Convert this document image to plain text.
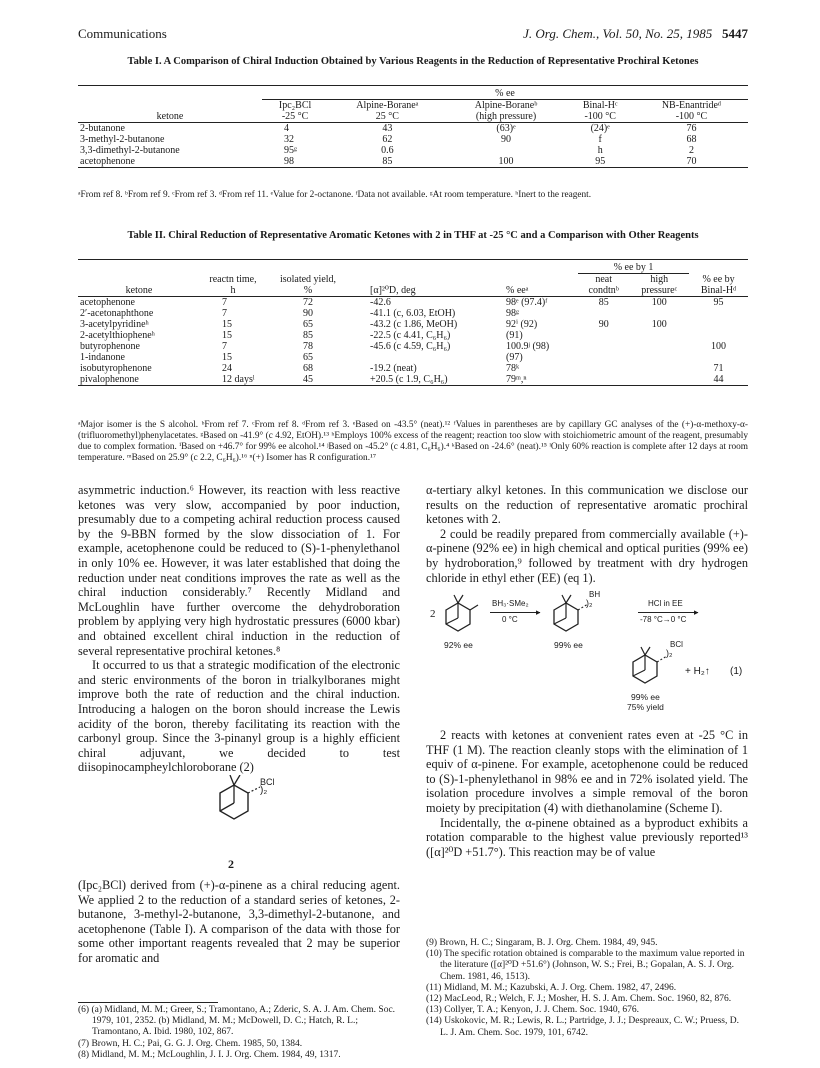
Communications	J. Org. Chem., Vol. 50, No. 25, 1985 5447
Table I. A Comparison of Chiral Induction Obtained by Various Reagents in the Reduction of Representative Prochiral Ketones
	% ee				
	Ipc₂BCl	Alpine-Boraneᵃ	Alpine-Boraneᵇ	Binal-Hᶜ	NB-Enantrideᵈ
ketone	-25 °C	25 °C	(high pressure)	-100 °C	-100 °C
2-butanone	4	43	(63)ᵉ	(24)ᵉ	76
3-methyl-2-butanone	32	62	90	f	68
3,3-dimethyl-2-butanone	95ᵍ	0.6		h	2
acetophenone	98	85	100	95	70
ᵃFrom ref 8. ᵇFrom ref 9. ᶜFrom ref 3. ᵈFrom ref 11. ᵉValue for 2-octanone. ᶠData not available. ᵍAt room temperature. ʰInert to the reagent.
Table II. Chiral Reduction of Representative Aromatic Ketones with 2 in THF at -25 °C and a Comparison with Other Reagents
					% ee by 1		
	reactn time,	isolated yield,			neat	high	% ee by
ketone	h	%	[α]²⁰D, deg	% eeᵃ	condtnᵇ	pressureᶜ	Binal-Hᵈ
acetophenone	7	72	-42.6	98ᵉ (97.4)ᶠ	85	100	95
2′-acetonaphthone	7	90	-41.1 (c, 6.03, EtOH)	98ᵍ			
3-acetylpyridineʰ	15	65	-43.2 (c 1.86, MeOH)	92ⁱ (92)	90	100	
2-acetylthiopheneʰ	15	85	-22.5 (c 4.41, C₆H₆)	(91)			
butyrophenone	7	78	-45.6 (c 4.59, C₆H₆)	100.9ʲ (98)			100
1-indanone	15	65		(97)			
isobutyrophenone	24	68	-19.2 (neat)	78ᵏ			71
pivalophenone	12 daysˡ	45	+20.5 (c 1.9, C₆H₆)	79ᵐ,ⁿ			44
ᵃMajor isomer is the S alcohol. ᵇFrom ref 7. ᶜFrom ref 8. ᵈFrom ref 3. ᵉBased on -43.5° (neat).¹² ᶠValues in parentheses are by capillary GC analyses of the (+)-α-methoxy-α-(trifluoromethyl)phenylacetates. ᵍBased on -41.9° (c 4.92, EtOH).¹³ ʰEmploys 100% excess of the reagent; reaction too slow with stoichiometric amount of the reagent, presumably due to complex formation. ⁱBased on +46.7° for 99% ee alcohol.¹⁴ ʲBased on -45.2° (c 4.81, C₆H₆).⁴ ᵏBased on -24.6° (neat).¹⁵ ˡOnly 60% reaction is complete after 12 days at room temperature. ᵐBased on 25.9° (c 2.2, C₆H₆).¹⁶ ⁿ(+) Isomer has R configuration.¹⁷

asymmetric induction.⁶ However, its reaction with less reactive ketones was very slow, accompanied by poor induction, presumably due to a competing achiral reduction process caused by the 9-BBN formed by the slow dissociation of 1. For example, acetophenone could be reduced to (S)-1-phenylethanol in only 10% ee. However, it was later established that doing the reduction under neat conditions improves the rate as well as the chiral induction considerably.⁷ Recently Midland and McLoughlin have further overcome the dehydroboration problem by applying very high hydrostatic pressures (6000 kbar) and obtained excellent chiral induction in the reduction of several representative prochiral ketones.⁸

It occurred to us that a strategic modification of the electronic and steric environments of the boron in trialkylboranes might improve both the rate of reduction and the chiral induction. Introducing a halogen on the boron should increase the Lewis acidity of the boron, thereby facilitating its reaction with the carbonyl group. Since the 3-pinanyl group is a highly efficient chiral adjuvant, we decided to test diisopinocampheylchloroborane (2)

BCl
)₂
2

(Ipc₂BCl) derived from (+)-α-pinene as a chiral reducing agent. We applied 2 to the reduction of a standard series of ketones, 2-butanone, 3-methyl-2-butanone, 3,3-dimethyl-2-butanone, and acetophenone (Table I). A comparison of the data with those for some other important reagents revealed that 2 may be superior for aromatic and

(6) (a) Midland, M. M.; Greer, S.; Tramontano, A.; Zderic, S. A. J. Am. Chem. Soc. 1979, 101, 2352. (b) Midland, M. M.; McDowell, D. C.; Hatch, R. L.; Tramontano, A. Ibid. 1980, 102, 867.
(7) Brown, H. C.; Pai, G. G. J. Org. Chem. 1985, 50, 1384.
(8) Midland, M. M.; McLoughlin, J. I. J. Org. Chem. 1984, 49, 1317.

α-tertiary alkyl ketones. In this communication we disclose our results on the reduction of representative aromatic prochiral ketones with 2.

2 could be readily prepared from commercially available (+)-α-pinene (92% ee) in high chemical and optical purities (99% ee) by hydroboration,⁹ followed by treatment with dry hydrogen chloride in ethyl ether (EE) (eq 1).

2
BH₃·SMe₂
▸
0 °C
92% ee
BH
)₂
99% ee
HCl in EE
▸
-78 °C→0 °C
BCl
)₂
+ H₂↑ (1)
99% ee
75% yield

2 reacts with ketones at convenient rates even at -25 °C in THF (1 M). The reaction cleanly stops with the elimination of 1 equiv of α-pinene. For example, acetophenone could be reduced to (S)-1-phenylethanol in 98% ee and in 72% isolated yield. The isolation procedure involves a simple removal of the boron moiety by precipitation (4) with diethanolamine (Scheme I).

Incidentally, the α-pinene obtained as a byproduct exhibits a rotation comparable to the highest value previously reported¹³ ([α]²⁰D +51.7°). This reaction may be of value

(9) Brown, H. C.; Singaram, B. J. Org. Chem. 1984, 49, 945.
(10) The specific rotation obtained is comparable to the maximum value reported in the literature ([α]²⁰D +51.6°) (Johnson, W. S.; Frei, B.; Gopalan, A. S. J. Org. Chem. 1981, 46, 1513).
(11) Midland, M. M.; Kazubski, A. J. Org. Chem. 1982, 47, 2496.
(12) MacLeod, R.; Welch, F. J.; Mosher, H. S. J. Am. Chem. Soc. 1960, 82, 876.
(13) Collyer, T. A.; Kenyon, J. J. Chem. Soc. 1940, 676.
(14) Uskokovic, M. R.; Lewis, R. L.; Partridge, J. J.; Despreaux, C. W.; Pruess, D. L. J. Am. Chem. Soc. 1979, 101, 6742.
